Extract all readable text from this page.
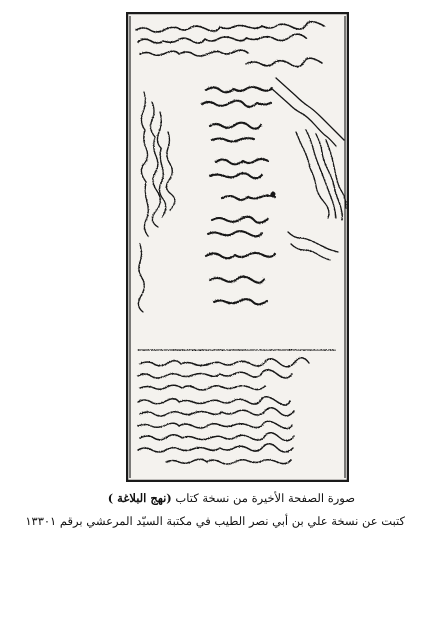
صورة الصفحة الأخيرة من نسخة كتاب (نهج البلاغة )
كتبت عن نسخة علي بن أبي نصر الطيب في مكتبة السيّد المرعشي برقم ١٣٣٠١
